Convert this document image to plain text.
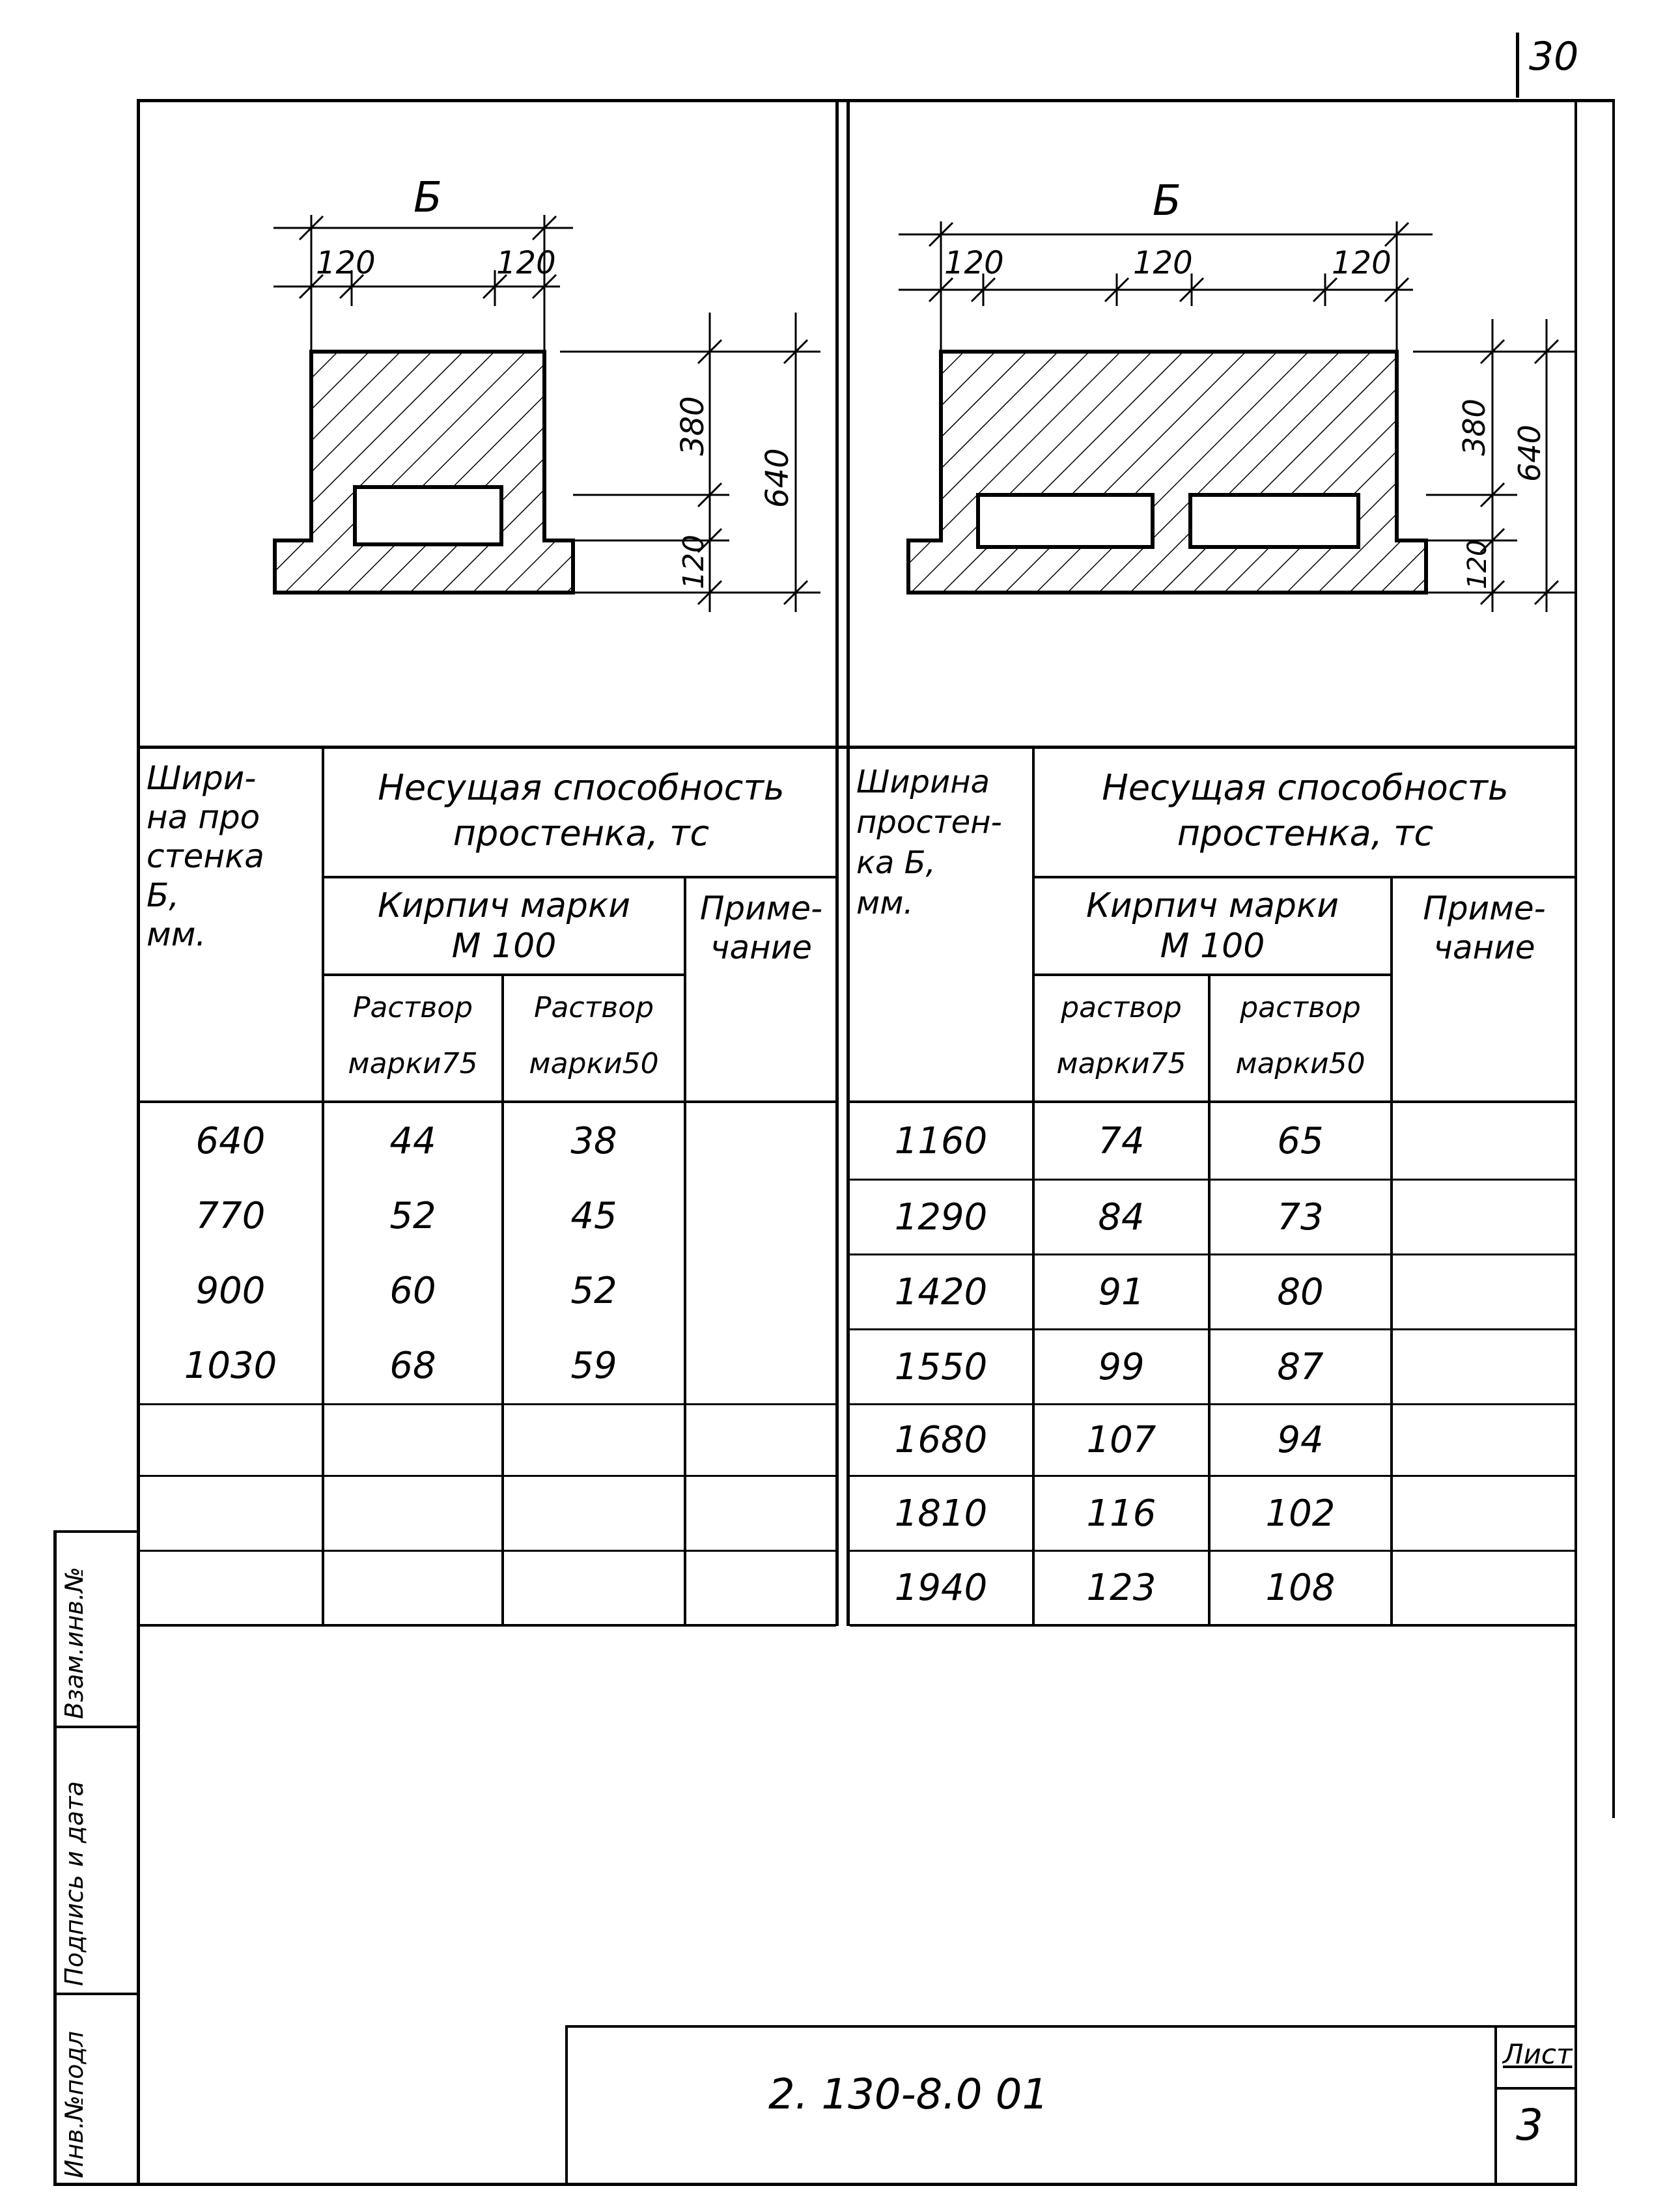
30
Б
120	120
380
640
120
Б
120	120	120
380 640
120
Шири-
на про
стенка
Б,
мм.
Несущая способность
простенка, тс
Кирпич марки
М 100
Приме-
чание
Раствор
марки75
Раствор
марки50
640	44	38
770	52	45
900	60	52
1030	68	59
Ширина
простен-
ка Б,
мм.
Несущая способность
простенка, тс
Кирпич марки
М 100
Приме-
чание
раствор
марки75
раствор
марки50
1160	74	65
1290	84	73
1420	91	80
1550	99	87
1680	107	94
1810	116	102
1940	123	108
Взам.инв.№
Подпись и дата
Инв.№подл	2. 130-8.0 01
Лист
3
